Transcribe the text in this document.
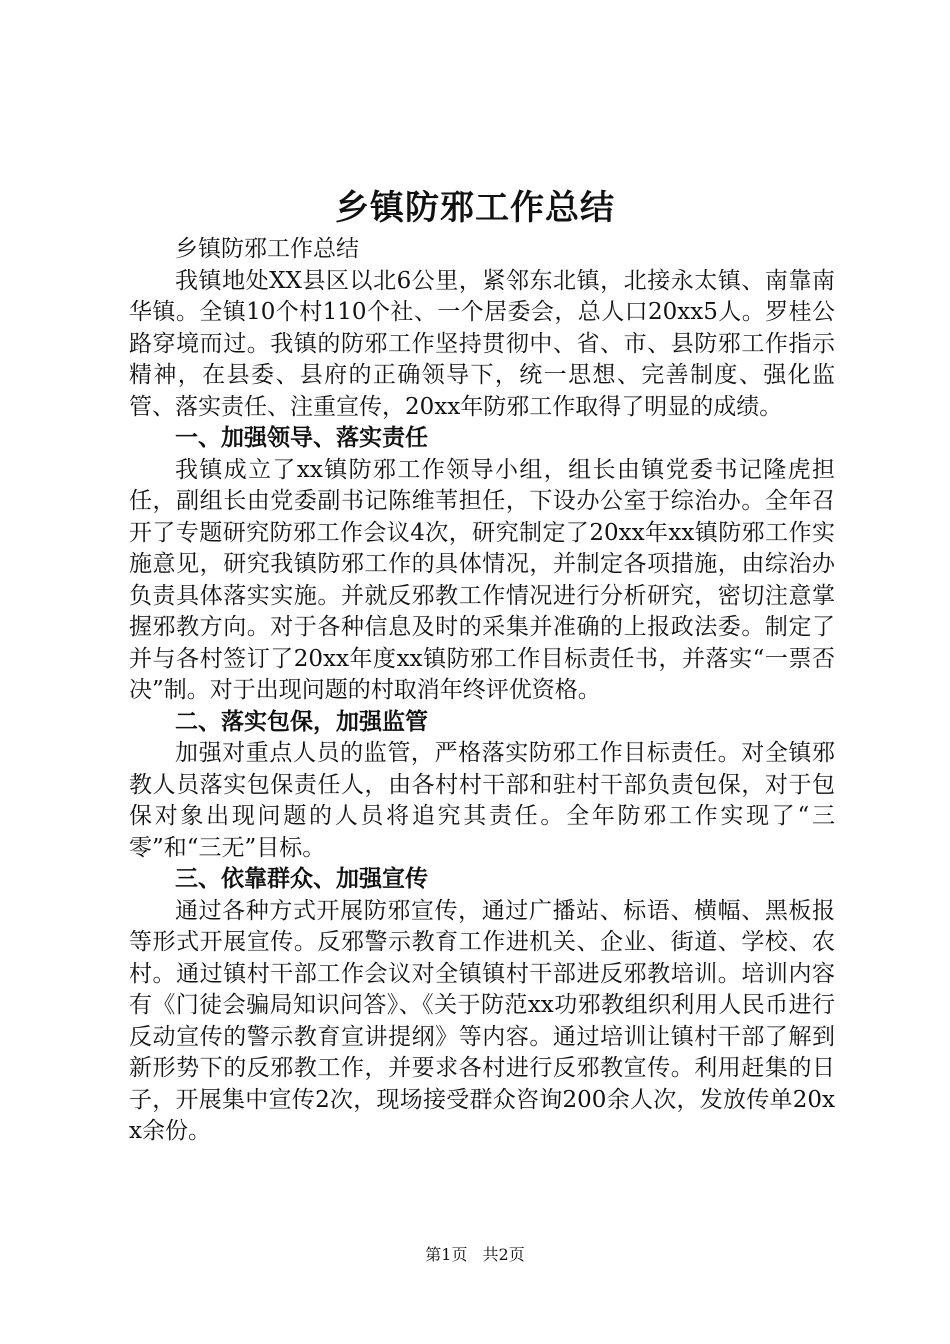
乡镇防邪工作总结

乡镇防邪工作总结

我镇地处XX县区以北6公里，紧邻东北镇，北接永太镇、南靠南华镇。全镇10个村110个社、一个居委会，总人口20xx5人。罗桂公路穿境而过。我镇的防邪工作坚持贯彻中、省、市、县防邪工作指示精神，在县委、县府的正确领导下，统一思想、完善制度、强化监管、落实责任、注重宣传，20xx年防邪工作取得了明显的成绩。

一、加强领导、落实责任

我镇成立了xx镇防邪工作领导小组，组长由镇党委书记隆虎担任，副组长由党委副书记陈维苇担任，下设办公室于综治办。全年召开了专题研究防邪工作会议4次，研究制定了20xx年xx镇防邪工作实施意见，研究我镇防邪工作的具体情况，并制定各项措施，由综治办负责具体落实实施。并就反邪教工作情况进行分析研究，密切注意掌握邪教方向。对于各种信息及时的采集并准确的上报政法委。制定了并与各村签订了20xx年度xx镇防邪工作目标责任书，并落实“一票否决”制。对于出现问题的村取消年终评优资格。

二、落实包保，加强监管

加强对重点人员的监管，严格落实防邪工作目标责任。对全镇邪教人员落实包保责任人，由各村村干部和驻村干部负责包保，对于包保对象出现问题的人员将追究其责任。全年防邪工作实现了“三零”和“三无”目标。

三、依靠群众、加强宣传

通过各种方式开展防邪宣传，通过广播站、标语、横幅、黑板报等形式开展宣传。反邪警示教育工作进机关、企业、街道、学校、农村。通过镇村干部工作会议对全镇镇村干部进反邪教培训。培训内容有《门徒会骗局知识问答》、《关于防范xx功邪教组织利用人民币进行反动宣传的警示教育宣讲提纲》等内容。通过培训让镇村干部了解到新形势下的反邪教工作，并要求各村进行反邪教宣传。利用赶集的日子，开展集中宣传2次，现场接受群众咨询200余人次，发放传单20xx余份。

第1页 共2页
